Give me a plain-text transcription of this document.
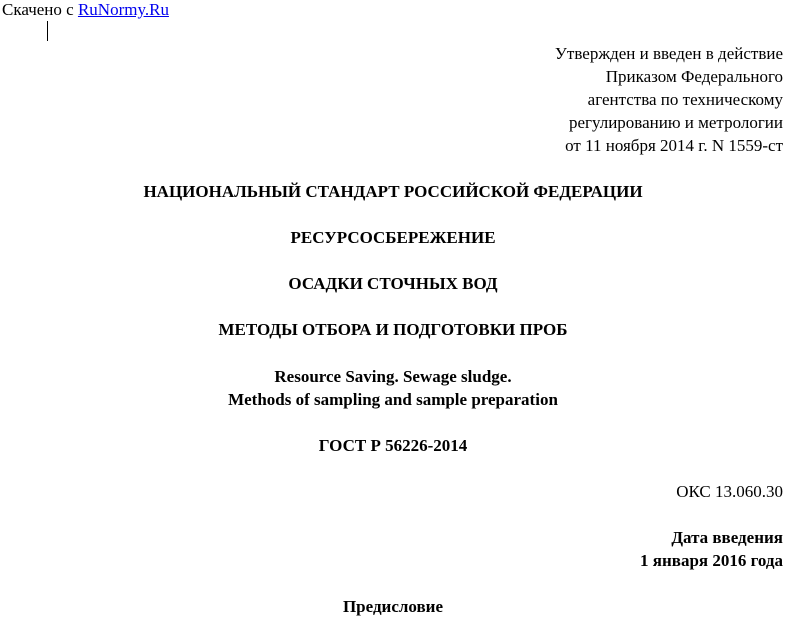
Скачено с RuNormy.Ru
Утвержден и введен в действие
Приказом Федерального
агентства по техническому
регулированию и метрологии
от 11 ноября 2014 г. N 1559-ст
НАЦИОНАЛЬНЫЙ СТАНДАРТ РОССИЙСКОЙ ФЕДЕРАЦИИ
РЕСУРСОСБЕРЕЖЕНИЕ
ОСАДКИ СТОЧНЫХ ВОД
МЕТОДЫ ОТБОРА И ПОДГОТОВКИ ПРОБ
Resource Saving. Sewage sludge.
Methods of sampling and sample preparation
ГОСТ Р 56226-2014
ОКС 13.060.30
Дата введения
1 января 2016 года
Предисловие
